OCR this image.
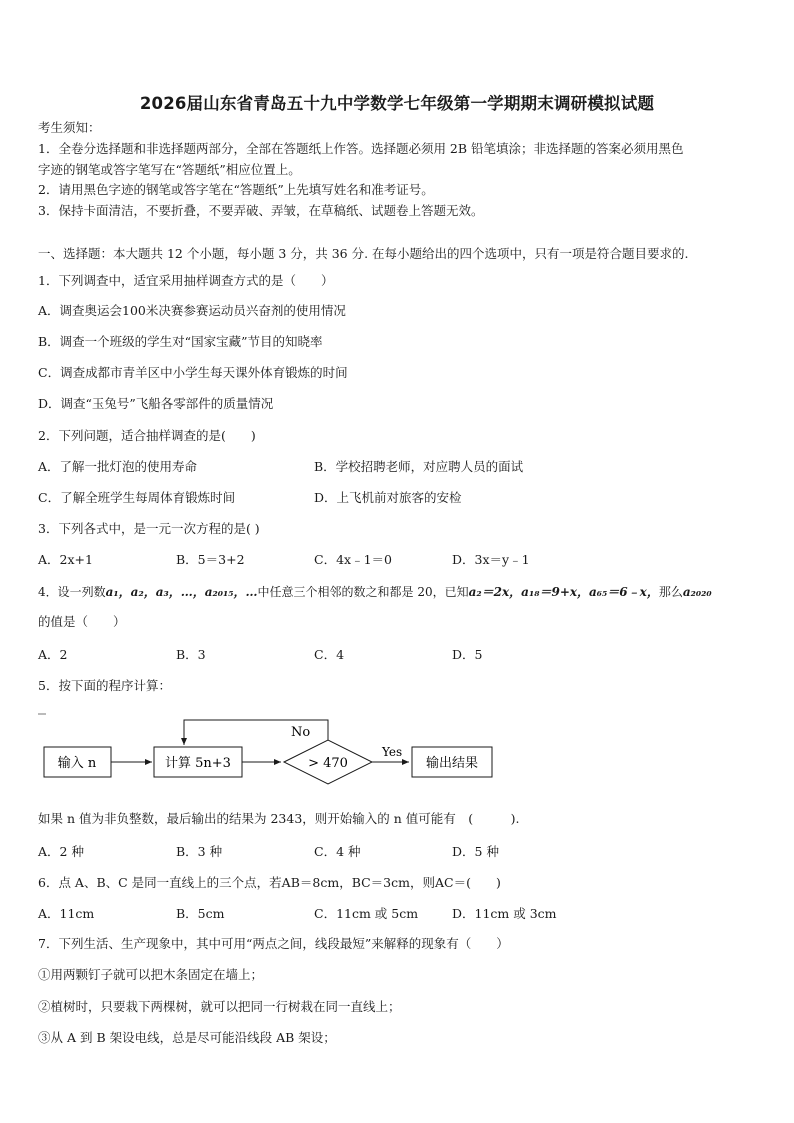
2026届山东省青岛五十九中学数学七年级第一学期期末调研模拟试题
考生须知：
1．全卷分选择题和非选择题两部分，全部在答题纸上作答。选择题必须用 2B 铅笔填涂；非选择题的答案必须用黑色
字迹的钢笔或答字笔写在“答题纸”相应位置上。
2．请用黑色字迹的钢笔或答字笔在“答题纸”上先填写姓名和准考证号。
3．保持卡面清洁，不要折叠，不要弄破、弄皱，在草稿纸、试题卷上答题无效。
一、选择题：本大题共 12 个小题，每小题 3 分，共 36 分. 在每小题给出的四个选项中，只有一项是符合题目要求的.
1．下列调查中，适宜采用抽样调查方式的是（　　）
A．调查奥运会100米决赛参赛运动员兴奋剂的使用情况
B．调查一个班级的学生对“国家宝藏”节目的知晓率
C．调查成都市青羊区中小学生每天课外体育锻炼的时间
D．调查“玉兔号”飞船各零部件的质量情况
2．下列问题，适合抽样调查的是(　　)
A．了解一批灯泡的使用寿命	B．学校招聘老师，对应聘人员的面试
C．了解全班学生每周体育锻炼时间	D．上飞机前对旅客的安检
3．下列各式中，是一元一次方程的是( )
A．2x+1	B．5＝3+2	C．4x﹣1＝0	D．3x＝y﹣1
4．设一列数a₁，a₂，a₃，…，a₂₀₁₅，…中任意三个相邻的数之和都是 20，已知a₂＝2x，a₁₈＝9+x，a₆₅＝6﹣x，那么a₂₀₂₀
的值是（　　）
A．2	B．3	C．4	D．5
5．按下面的程序计算：
输入 n	计算 5n+3	> 470
No
Yes
输出结果
如果 n 值为非负整数，最后输出的结果为 2343，则开始输入的 n 值可能有　(　　　).
A．2 种	B．3 种	C．4 种	D．5 种
6．点 A、B、C 是同一直线上的三个点，若AB＝8cm，BC＝3cm，则AC＝(　　)
A．11cm	B．5cm	C．11cm 或 5cm	D．11cm 或 3cm
7．下列生活、生产现象中，其中可用“两点之间，线段最短”来解释的现象有（　　）
①用两颗钉子就可以把木条固定在墙上；
②植树时，只要栽下两棵树，就可以把同一行树栽在同一直线上；
③从 A 到 B 架设电线，总是尽可能沿线段 AB 架设；
